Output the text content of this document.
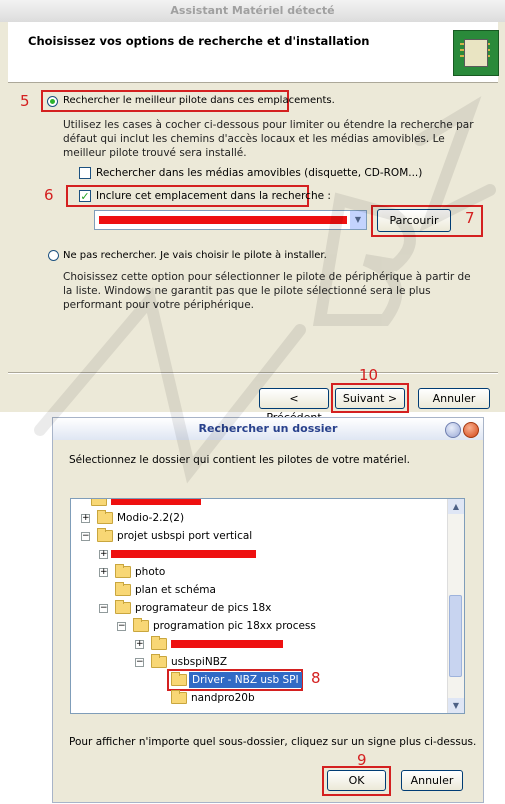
Assistant Matériel détecté
Choisissez vos options de recherche et d'installation
5	Rechercher le meilleur pilote dans ces emplacements.
Utilisez les cases à cocher ci-dessous pour limiter ou étendre la recherche par défaut qui inclut les chemins d'accès locaux et les médias amovibles. Le meilleur pilote trouvé sera installé.
Rechercher dans les médias amovibles (disquette, CD-ROM...)
6 ✓ Inclure cet emplacement dans la recherche :
▼	Parcourir	7
Ne pas rechercher. Je vais choisir le pilote à installer.
Choisissez cette option pour sélectionner le pilote de périphérique à partir de la liste. Windows ne garantit pas que le pilote sélectionné sera le plus performant pour votre périphérique.
10
<	Suivant >	Annuler
Rechercher un dossier
Sélectionnez le dossier qui contient les pilotes de votre matériel.
+	Modio-2.2(2)
−	projet usbspi port vertical
+
+	photo
plan et schéma
−	programateur de pics 18x
−	programation pic 18xx process
+
−	usbspiNBZ
Driver - NBZ usb SPI
nandpro20b
▲
▼
8
Pour afficher n'importe quel sous-dossier, cliquez sur un signe plus ci-dessus.
9
OK	Annuler
